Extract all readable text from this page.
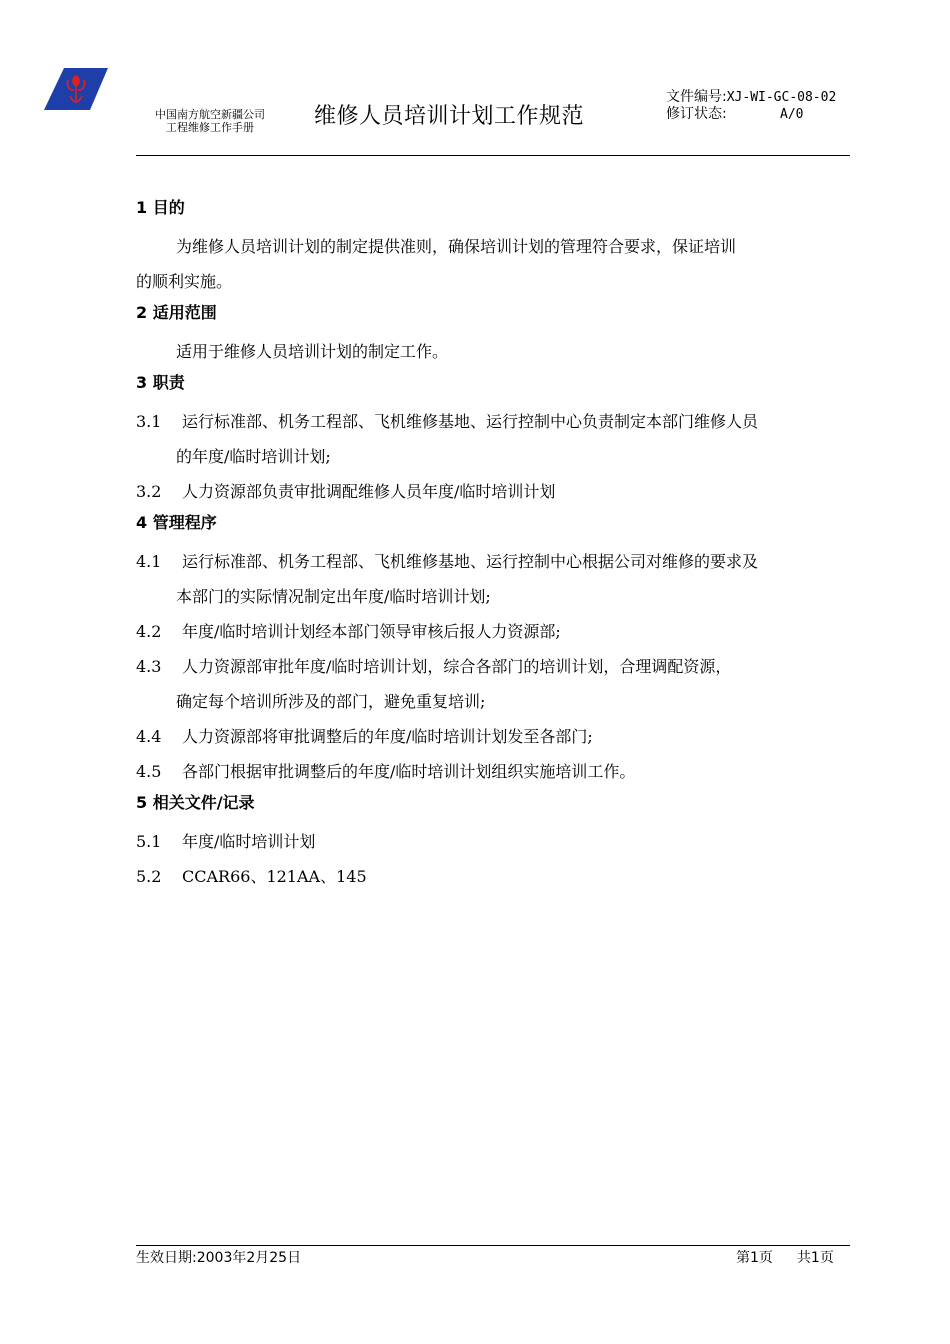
中国南方航空新疆公司
工程维修工作手册	维修人员培训计划工作规范
文件编号:XJ-WI-GC-08-02
修订状态:	A/0
1 目的
为维修人员培训计划的制定提供准则，确保培训计划的管理符合要求，保证培训
的顺利实施。
2 适用范围
适用于维修人员培训计划的制定工作。
3 职责
3.1 运行标准部、机务工程部、飞机维修基地、运行控制中心负责制定本部门维修人员
的年度/临时培训计划;
3.2 人力资源部负责审批调配维修人员年度/临时培训计划
4 管理程序
4.1 运行标准部、机务工程部、飞机维修基地、运行控制中心根据公司对维修的要求及
本部门的实际情况制定出年度/临时培训计划;
4.2 年度/临时培训计划经本部门领导审核后报人力资源部;
4.3 人力资源部审批年度/临时培训计划，综合各部门的培训计划，合理调配资源，
确定每个培训所涉及的部门，避免重复培训;
4.4 人力资源部将审批调整后的年度/临时培训计划发至各部门;
4.5 各部门根据审批调整后的年度/临时培训计划组织实施培训工作。
5 相关文件/记录
5.1 年度/临时培训计划
5.2 CCAR66、121AA、145
生效日期:2003年2月25日	第1页 共1页
